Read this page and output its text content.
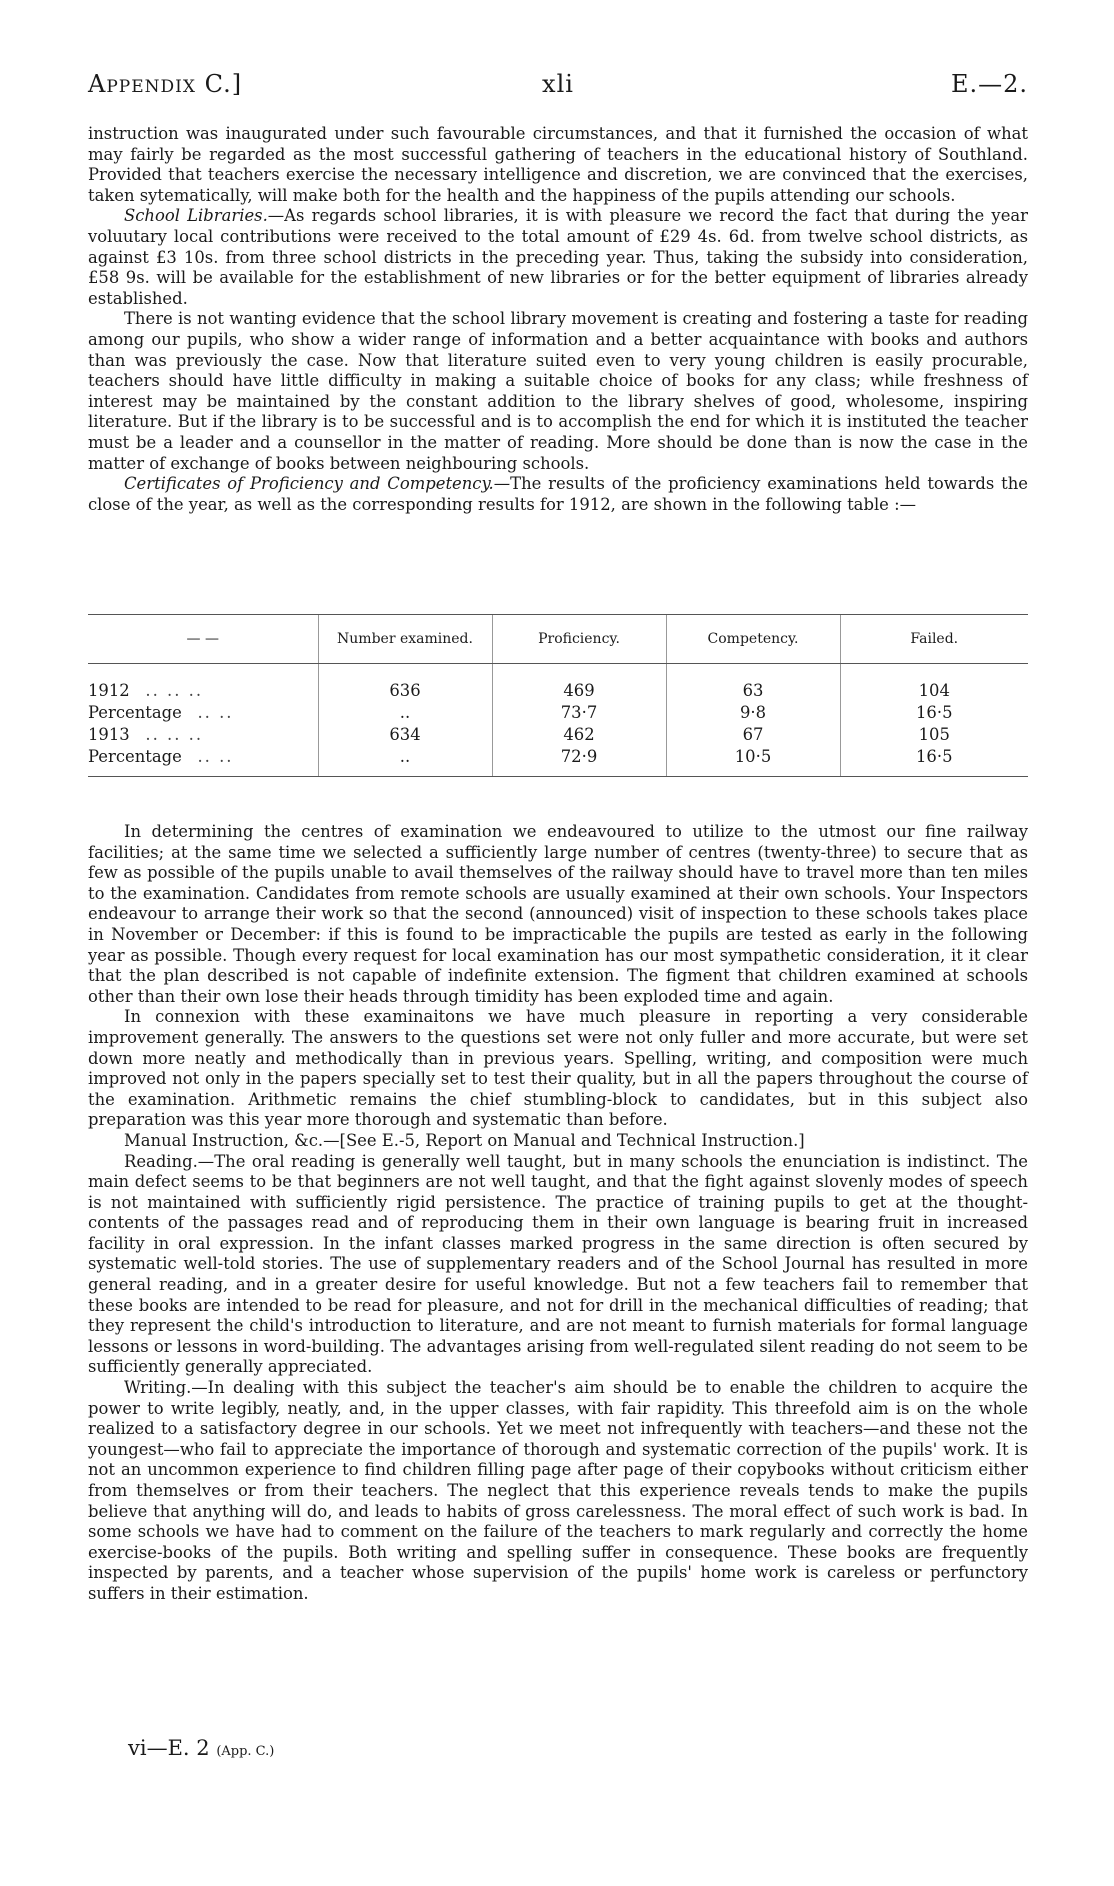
Appendix C.]	xli	E.—2.

instruction was inaugurated under such favourable circumstances, and that it furnished the occasion of what may fairly be regarded as the most successful gathering of teachers in the educational history of Southland. Provided that teachers exercise the necessary intelligence and discretion, we are convinced that the exercises, taken sytematically, will make both for the health and the happiness of the pupils attending our schools.

School Libraries.—As regards school libraries, it is with pleasure we record the fact that during the year voluutary local contributions were received to the total amount of £29 4s. 6d. from twelve school districts, as against £3 10s. from three school districts in the preceding year. Thus, taking the subsidy into consideration, £58 9s. will be available for the establishment of new libraries or for the better equipment of libraries already established.

There is not wanting evidence that the school library movement is creating and fostering a taste for reading among our pupils, who show a wider range of information and a better acquaintance with books and authors than was previously the case. Now that literature suited even to very young children is easily procurable, teachers should have little difficulty in making a suitable choice of books for any class; while freshness of interest may be maintained by the constant addition to the library shelves of good, wholesome, inspiring literature. But if the library is to be successful and is to accomplish the end for which it is instituted the teacher must be a leader and a counsellor in the matter of reading. More should be done than is now the case in the matter of exchange of books between neighbouring schools.

Certificates of Proficiency and Competency.—The results of the proficiency examinations held towards the close of the year, as well as the corresponding results for 1912, are shown in the following table :—

— —	Number examined.	Proficiency.	Competency.	Failed.

1912 .. .. ..	636	469	63	104
Percentage .. ..	..	73·7	9·8	16·5
1913 .. .. ..	634	462	67	105
Percentage .. ..	..	72·9	10·5	16·5

In determining the centres of examination we endeavoured to utilize to the utmost our fine railway facilities; at the same time we selected a sufficiently large number of centres (twenty-three) to secure that as few as possible of the pupils unable to avail themselves of the railway should have to travel more than ten miles to the examination. Candidates from remote schools are usually examined at their own schools. Your Inspectors endeavour to arrange their work so that the second (announced) visit of inspection to these schools takes place in November or December: if this is found to be impracticable the pupils are tested as early in the following year as possible. Though every request for local examination has our most sympathetic consideration, it it clear that the plan described is not capable of indefinite extension. The figment that children examined at schools other than their own lose their heads through timidity has been exploded time and again.

In connexion with these examinaitons we have much pleasure in reporting a very considerable improvement generally. The answers to the questions set were not only fuller and more accurate, but were set down more neatly and methodically than in previous years. Spelling, writing, and composition were much improved not only in the papers specially set to test their quality, but in all the papers throughout the course of the examination. Arithmetic remains the chief stumbling-block to candidates, but in this subject also preparation was this year more thorough and systematic than before.

Manual Instruction, &c.—[See E.-5, Report on Manual and Technical Instruction.]

Reading.—The oral reading is generally well taught, but in many schools the enunciation is indistinct. The main defect seems to be that beginners are not well taught, and that the fight against slovenly modes of speech is not maintained with sufficiently rigid persistence. The practice of training pupils to get at the thought-contents of the passages read and of reproducing them in their own language is bearing fruit in increased facility in oral expression. In the infant classes marked progress in the same direction is often secured by systematic well-told stories. The use of supplementary readers and of the School Journal has resulted in more general reading, and in a greater desire for useful knowledge. But not a few teachers fail to remember that these books are intended to be read for pleasure, and not for drill in the mechanical difficulties of reading; that they represent the child's introduction to literature, and are not meant to furnish materials for formal language lessons or lessons in word-building. The advantages arising from well-regulated silent reading do not seem to be sufficiently generally appreciated.

Writing.—In dealing with this subject the teacher's aim should be to enable the children to acquire the power to write legibly, neatly, and, in the upper classes, with fair rapidity. This threefold aim is on the whole realized to a satisfactory degree in our schools. Yet we meet not infrequently with teachers—and these not the youngest—who fail to appreciate the importance of thorough and systematic correction of the pupils' work. It is not an uncommon experience to find children filling page after page of their copybooks without criticism either from themselves or from their teachers. The neglect that this experience reveals tends to make the pupils believe that anything will do, and leads to habits of gross carelessness. The moral effect of such work is bad. In some schools we have had to comment on the failure of the teachers to mark regularly and correctly the home exercise-books of the pupils. Both writing and spelling suffer in consequence. These books are frequently inspected by parents, and a teacher whose supervision of the pupils' home work is careless or perfunctory suffers in their estimation.

vi—E. 2 (App. C.)
